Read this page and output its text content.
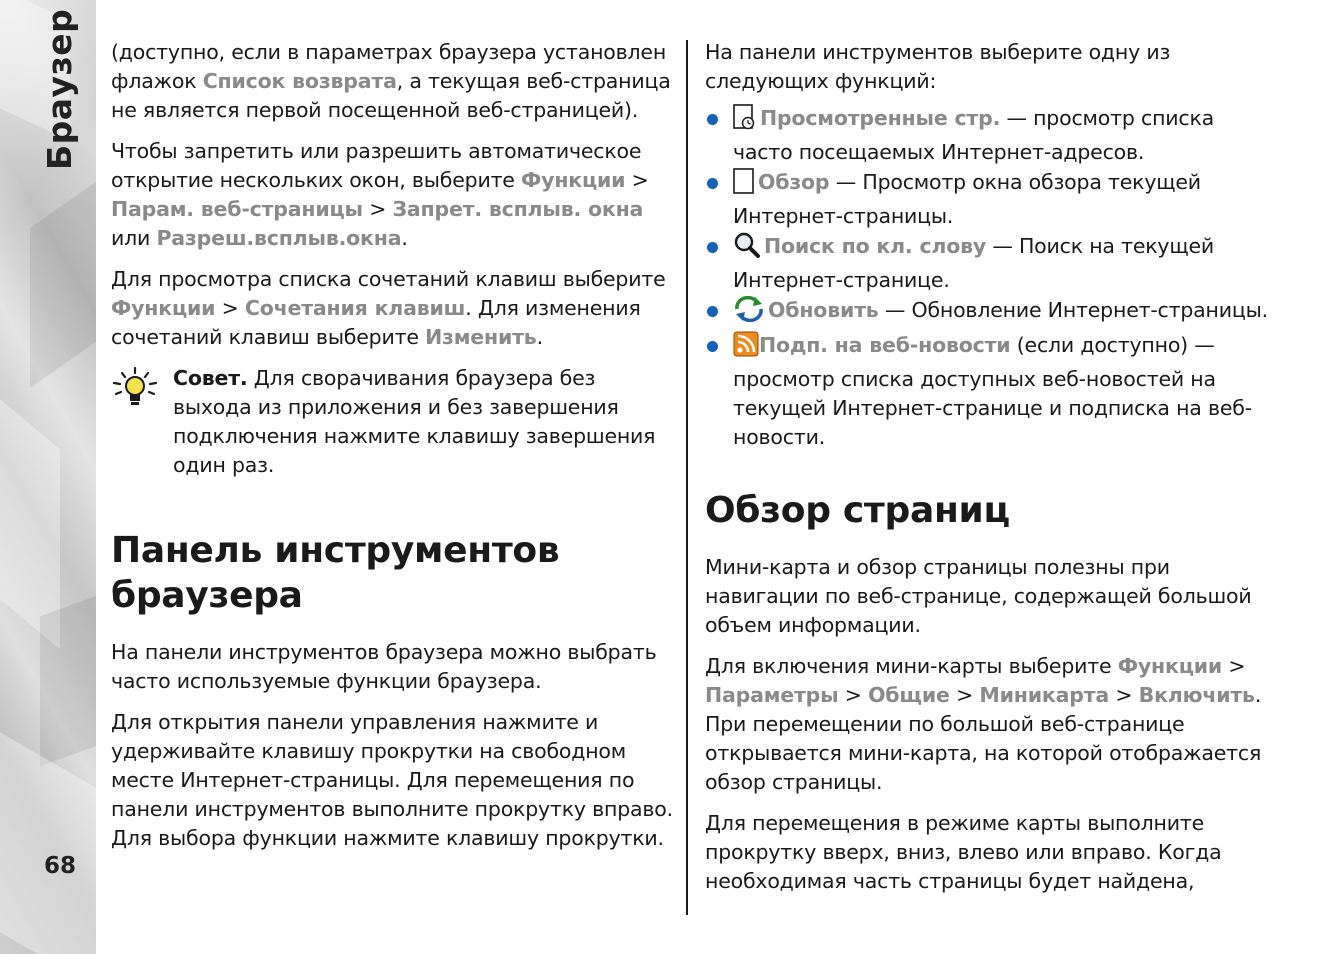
Браузер
68

(доступно, если в параметрах браузера установлен флажок Список возврата, а текущая веб-страница не является первой посещенной веб-страницей).

Чтобы запретить или разрешить автоматическое открытие нескольких окон, выберите Функции > Парам. веб-страницы > Запрет. всплыв. окна или Разреш.всплыв.окна.

Для просмотра списка сочетаний клавиш выберите Функции > Сочетания клавиш. Для изменения сочетаний клавиш выберите Изменить.

Совет. Для сворачивания браузера без выхода из приложения и без завершения подключения нажмите клавишу завершения один раз.

Панель инструментов браузера

На панели инструментов браузера можно выбрать часто используемые функции браузера.

Для открытия панели управления нажмите и удерживайте клавишу прокрутки на свободном месте Интернет-страницы. Для перемещения по панели инструментов выполните прокрутку вправо. Для выбора функции нажмите клавишу прокрутки.

На панели инструментов выберите одну из следующих функций:

Просмотренные стр. — просмотр списка часто посещаемых Интернет-адресов.
Обзор — Просмотр окна обзора текущей Интернет-страницы.
Поиск по кл. слову — Поиск на текущей Интернет-странице.
Обновить — Обновление Интернет-страницы.
Подп. на веб-новости (если доступно) — просмотр списка доступных веб-новостей на текущей Интернет-странице и подписка на веб-новости.
Обзор страниц

Мини-карта и обзор страницы полезны при навигации по веб-странице, содержащей большой объем информации.

Для включения мини-карты выберите Функции > Параметры > Общие > Миникарта > Включить. При перемещении по большой веб-странице открывается мини-карта, на которой отображается обзор страницы.

Для перемещения в режиме карты выполните прокрутку вверх, вниз, влево или вправо. Когда необходимая часть страницы будет найдена,
